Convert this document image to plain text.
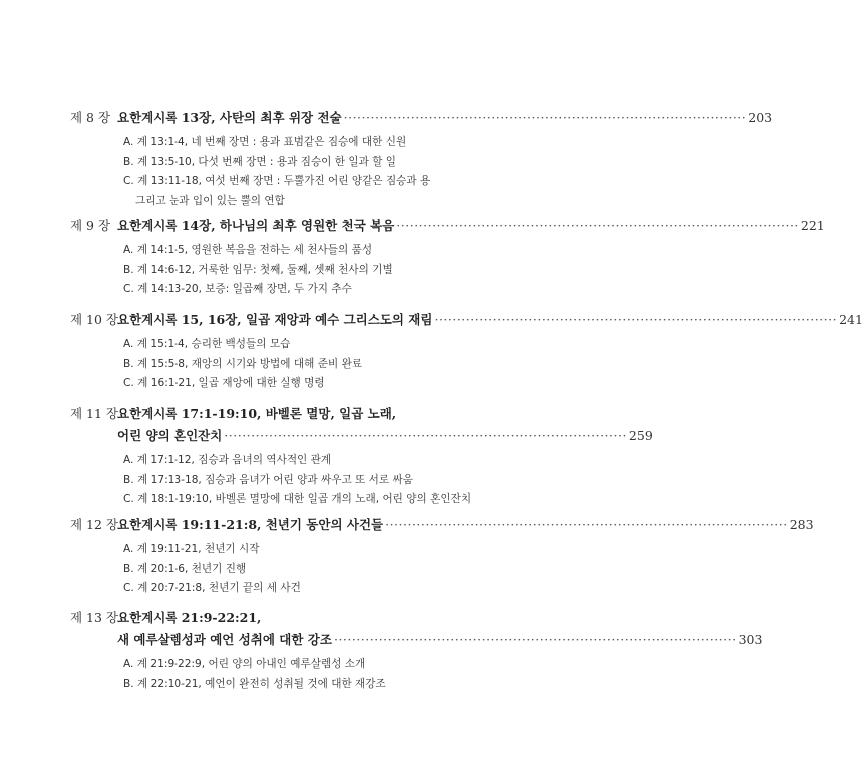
제 8 장 요한계시록 13장, 사탄의 최후 위장 전술 ·························································································· 203
A. 계 13:1-4, 네 번째 장면 : 용과 표범같은 짐승에 대한 신원
B. 계 13:5-10, 다섯 번째 장면 : 용과 짐승이 한 일과 할 일
C. 계 13:11-18, 여섯 번째 장면 : 두뿔가진 어린 양같은 짐승과 용
그리고 눈과 입이 있는 뿔의 연합
제 9 장 요한계시록 14장, 하나님의 최후 영원한 천국 복음 ·························································································· 221
A. 계 14:1-5, 영원한 복음을 전하는 세 천사들의 품성
B. 계 14:6-12, 거룩한 임무: 첫째, 둘째, 셋째 천사의 기별
C. 계 14:13-20, 보증: 일곱째 장면, 두 가지 추수
제 10 장
요한계시록 15, 16장, 일곱 재앙과 예수 그리스도의 재림 ·························································································· 241
A. 계 15:1-4, 승리한 백성들의 모습
B. 계 15:5-8, 재앙의 시기와 방법에 대해 준비 완료
C. 계 16:1-21, 일곱 재앙에 대한 실행 명령
제 11 장
요한계시록 17:1-19:10, 바벨론 멸망, 일곱 노래,
어린 양의 혼인잔치 ·························································································· 259
A. 계 17:1-12, 짐승과 음녀의 역사적인 관계
B. 계 17:13-18, 짐승과 음녀가 어린 양과 싸우고 또 서로 싸움
C. 계 18:1-19:10, 바벨론 멸망에 대한 일곱 개의 노래, 어린 양의 혼인잔치
제 12 장
요한계시록 19:11-21:8, 천년기 동안의 사건들 ·························································································· 283
A. 계 19:11-21, 천년기 시작
B. 계 20:1-6, 천년기 진행
C. 계 20:7-21:8, 천년기 끝의 세 사건
제 13 장
요한계시록 21:9-22:21,
새 예루살렘성과 예언 성취에 대한 강조 ·························································································· 303
A. 계 21:9-22:9, 어린 양의 아내인 예루살렘성 소개
B. 계 22:10-21, 예언이 완전히 성취될 것에 대한 재강조
